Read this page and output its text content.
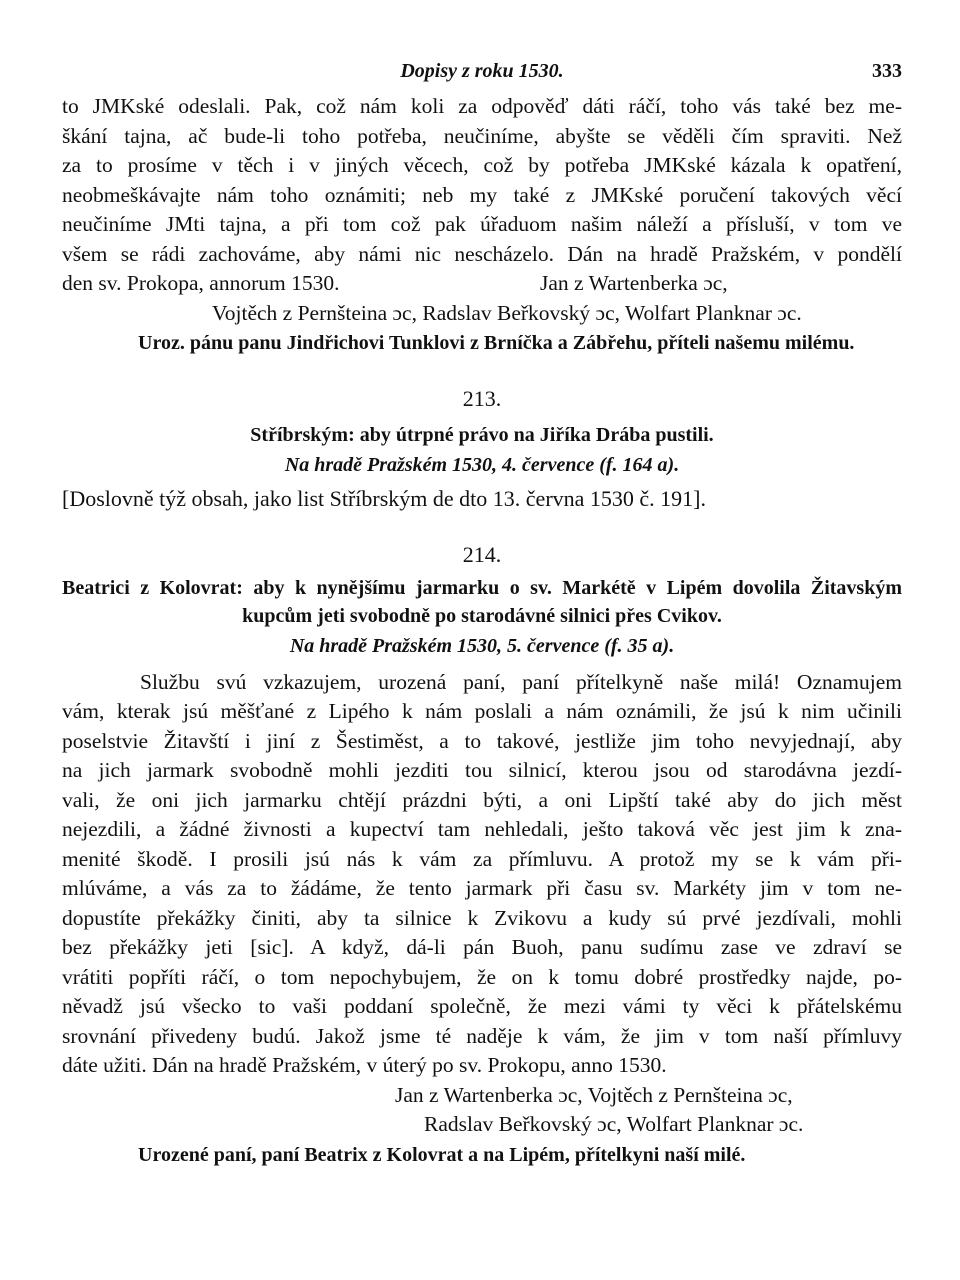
Dopisy z roku 1530.	333
to JMKské odeslali. Pak, což nám koli za odpověď dáti ráčí, toho vás také bez me-
škání tajna, ač bude-li toho potřeba, neučiníme, abyšte se věděli čím spraviti. Než
za to prosíme v těch i v jiných věcech, což by potřeba JMKské kázala k opatření,
neobmeškávajte nám toho oznámiti; neb my také z JMKské poručení takových věcí
neučiníme JMti tajna, a při tom což pak úřaduom našim náleží a přísluší, v tom ve
všem se rádi zachováme, aby námi nic nescházelo. Dán na hradě Pražském, v pondělí
den sv. Prokopa, annorum 1530.	Jan z Wartenberka ɔc,
Vojtěch z Pernšteina ɔc, Radslav Beřkovský ɔc, Wolfart Planknar ɔc.
Uroz. pánu panu Jindřichovi Tunklovi z Brníčka a Zábřehu, příteli našemu milému.
213.
Stříbrským: aby útrpné právo na Jiříka Drába pustili.
Na hradě Pražském 1530, 4. července (f. 164 a).
[Doslovně týž obsah, jako list Stříbrským de dto 13. června 1530 č. 191].
214.
Beatrici z Kolovrat: aby k nynějšímu jarmarku o sv. Markétě v Lipém dovolila Žitavským
kupcům jeti svobodně po starodávné silnici přes Cvikov.
Na hradě Pražském 1530, 5. července (f. 35 a).
Službu svú vzkazujem, urozená paní, paní přítelkyně naše milá! Oznamujem
vám, kterak jsú měšťané z Lipého k nám poslali a nám oznámili, že jsú k nim učinili
poselstvie Žitavští i jiní z Šestiměst, a to takové, jestliže jim toho nevyjednají, aby
na jich jarmark svobodně mohli jezditi tou silnicí, kterou jsou od starodávna jezdí-
vali, že oni jich jarmarku chtějí prázdni býti, a oni Lipští také aby do jich měst
nejezdili, a žádné živnosti a kupectví tam nehledali, ješto taková věc jest jim k zna-
menité škodě. I prosili jsú nás k vám za přímluvu. A protož my se k vám při-
mlúváme, a vás za to žádáme, že tento jarmark při času sv. Markéty jim v tom ne-
dopustíte překážky činiti, aby ta silnice k Zvikovu a kudy sú prvé jezdívali, mohli
bez překážky jeti [sic]. A když, dá-li pán Buoh, panu sudímu zase ve zdraví se
vrátiti popříti ráčí, o tom nepochybujem, že on k tomu dobré prostředky najde, po-
něvadž jsú všecko to vaši poddaní společně, že mezi vámi ty věci k přátelskému
srovnání přivedeny budú. Jakož jsme té naděje k vám, že jim v tom naší přímluvy
dáte užiti. Dán na hradě Pražském, v úterý po sv. Prokopu, anno 1530.
Jan z Wartenberka ɔc, Vojtěch z Pernšteina ɔc,
Radslav Beřkovský ɔc, Wolfart Planknar ɔc.
Urozené paní, paní Beatrix z Kolovrat a na Lipém, přítelkyni naší milé.
